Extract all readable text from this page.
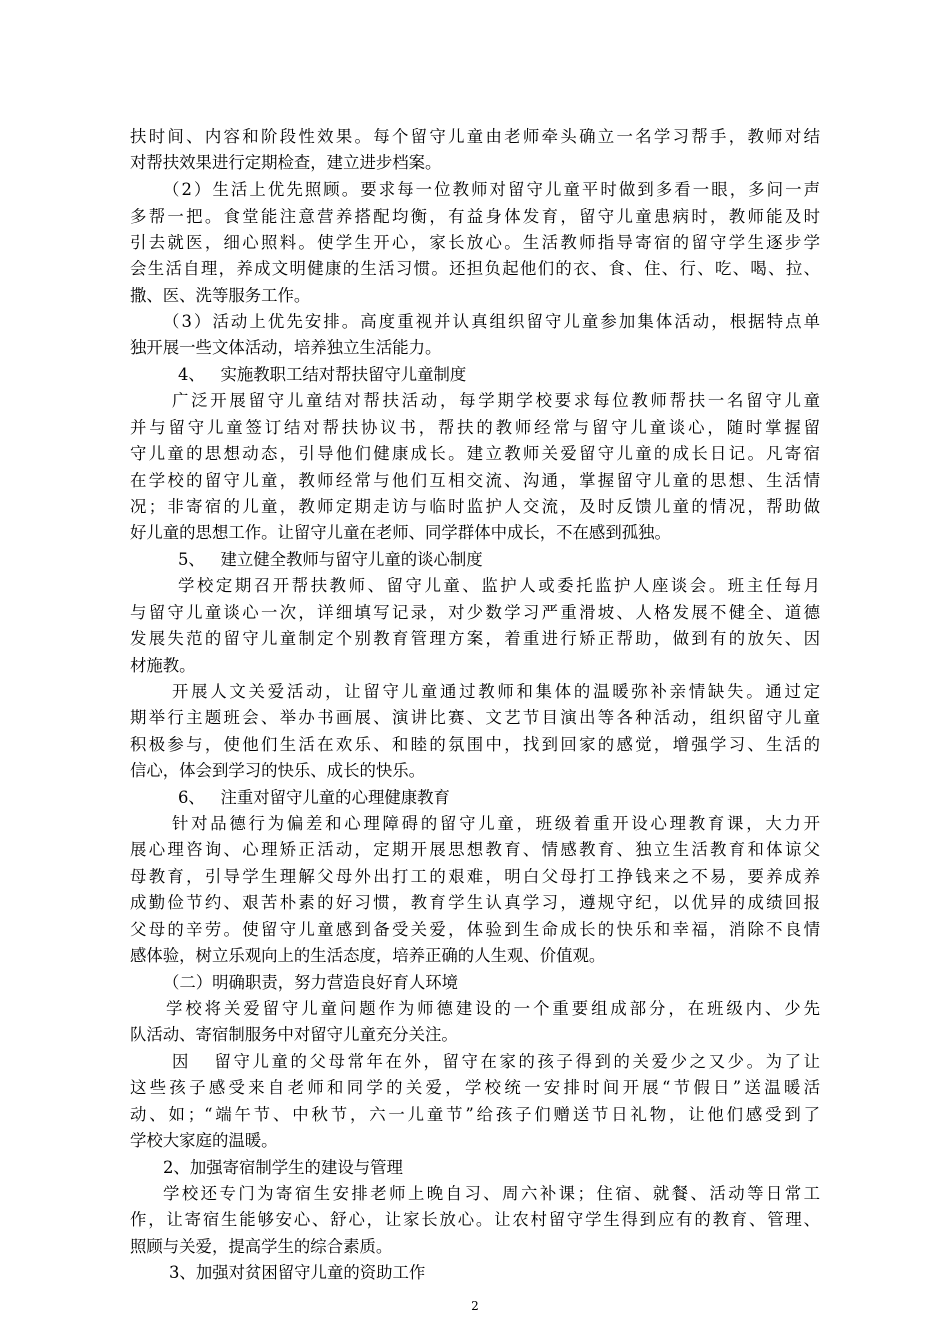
扶时间、内容和阶段性效果。每个留守儿童由老师牵头确立一名学习帮手，教师对结
对帮扶效果进行定期检查，建立进步档案。
（2）生活上优先照顾。要求每一位教师对留守儿童平时做到多看一眼，多问一声
多帮一把。食堂能注意营养搭配均衡，有益身体发育，留守儿童患病时，教师能及时
引去就医，细心照料。使学生开心，家长放心。生活教师指导寄宿的留守学生逐步学
会生活自理，养成文明健康的生活习惯。还担负起他们的衣、食、住、行、吃、喝、拉、
撒、医、洗等服务工作。
（3）活动上优先安排。高度重视并认真组织留守儿童参加集体活动，根据特点单
独开展一些文体活动，培养独立生活能力。
4、   实施教职工结对帮扶留守儿童制度
广泛开展留守儿童结对帮扶活动，每学期学校要求每位教师帮扶一名留守儿童
并与留守儿童签订结对帮扶协议书，帮扶的教师经常与留守儿童谈心，随时掌握留
守儿童的思想动态，引导他们健康成长。建立教师关爱留守儿童的成长日记。凡寄宿
在学校的留守儿童，教师经常与他们互相交流、沟通，掌握留守儿童的思想、生活情
况；非寄宿的儿童，教师定期走访与临时监护人交流，及时反馈儿童的情况，帮助做
好儿童的思想工作。让留守儿童在老师、同学群体中成长，不在感到孤独。
5、   建立健全教师与留守儿童的谈心制度
学校定期召开帮扶教师、留守儿童、监护人或委托监护人座谈会。班主任每月
与留守儿童谈心一次，详细填写记录，对少数学习严重滑坡、人格发展不健全、道德
发展失范的留守儿童制定个别教育管理方案，着重进行矫正帮助，做到有的放矢、因
材施教。
开展人文关爱活动，让留守儿童通过教师和集体的温暖弥补亲情缺失。通过定
期举行主题班会、举办书画展、演讲比赛、文艺节目演出等各种活动，组织留守儿童
积极参与，使他们生活在欢乐、和睦的氛围中，找到回家的感觉，增强学习、生活的
信心，体会到学习的快乐、成长的快乐。
6、   注重对留守儿童的心理健康教育
针对品德行为偏差和心理障碍的留守儿童，班级着重开设心理教育课，大力开
展心理咨询、心理矫正活动，定期开展思想教育、情感教育、独立生活教育和体谅父
母教育，引导学生理解父母外出打工的艰难，明白父母打工挣钱来之不易，要养成养
成勤俭节约、艰苦朴素的好习惯，教育学生认真学习，遵规守纪，以优异的成绩回报
父母的辛劳。使留守儿童感到备受关爱，体验到生命成长的快乐和幸福，消除不良情
感体验，树立乐观向上的生活态度，培养正确的人生观、价值观。
（二）明确职责，努力营造良好育人环境
学校将关爱留守儿童问题作为师德建设的一个重要组成部分，在班级内、少先
队活动、寄宿制服务中对留守儿童充分关注。
因   留守儿童的父母常年在外，留守在家的孩子得到的关爱少之又少。为了让
这些孩子感受来自老师和同学的关爱，学校统一安排时间开展“节假日”送温暖活
动、如；“端午节、中秋节，六一儿童节”给孩子们赠送节日礼物，让他们感受到了
学校大家庭的温暖。
2、加强寄宿制学生的建设与管理
学校还专门为寄宿生安排老师上晚自习、周六补课；住宿、就餐、活动等日常工
作，让寄宿生能够安心、舒心，让家长放心。让农村留守学生得到应有的教育、管理、
照顾与关爱，提高学生的综合素质。
3、加强对贫困留守儿童的资助工作
2
